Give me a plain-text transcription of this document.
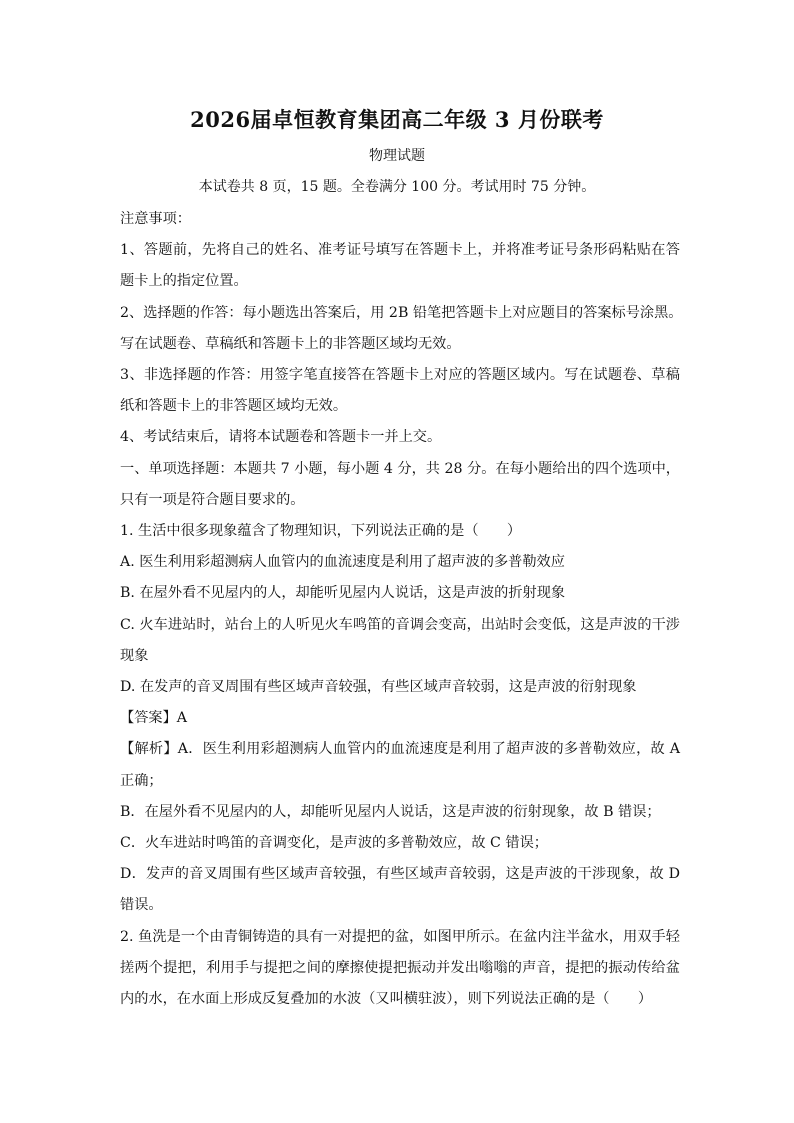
2026届卓恒教育集团高二年级 3 月份联考
物理试题
本试卷共 8 页，15 题。全卷满分 100 分。考试用时 75 分钟。

注意事项：

1、答题前，先将自己的姓名、准考证号填写在答题卡上，并将准考证号条形码粘贴在答题卡上的指定位置。

2、选择题的作答：每小题选出答案后，用 2B 铅笔把答题卡上对应题目的答案标号涂黑。

写在试题卷、草稿纸和答题卡上的非答题区域均无效。

3、非选择题的作答：用签字笔直接答在答题卡上对应的答题区域内。写在试题卷、草稿纸和答题卡上的非答题区域均无效。

4、考试结束后，请将本试题卷和答题卡一并上交。

一、单项选择题：本题共 7 小题，每小题 4 分，共 28 分。在每小题给出的四个选项中，只有一项是符合题目要求的。

1. 生活中很多现象蕴含了物理知识，下列说法正确的是（　　）

A. 医生利用彩超测病人血管内的血流速度是利用了超声波的多普勒效应

B. 在屋外看不见屋内的人，却能听见屋内人说话，这是声波的折射现象

C. 火车进站时，站台上的人听见火车鸣笛的音调会变高，出站时会变低，这是声波的干涉现象

D. 在发声的音叉周围有些区域声音较强，有些区域声音较弱，这是声波的衍射现象

【答案】A

【解析】A．医生利用彩超测病人血管内的血流速度是利用了超声波的多普勒效应，故 A 正确；

B．在屋外看不见屋内的人，却能听见屋内人说话，这是声波的衍射现象，故 B 错误；

C．火车进站时鸣笛的音调变化，是声波的多普勒效应，故 C 错误；

D．发声的音叉周围有些区域声音较强，有些区域声音较弱，这是声波的干涉现象，故 D 错误。

2. 鱼洗是一个由青铜铸造的具有一对提把的盆，如图甲所示。在盆内注半盆水，用双手轻搓两个提把，利用手与提把之间的摩擦使提把振动并发出嗡嗡的声音，提把的振动传给盆内的水，在水面上形成反复叠加的水波（又叫横驻波），则下列说法正确的是（　　）
